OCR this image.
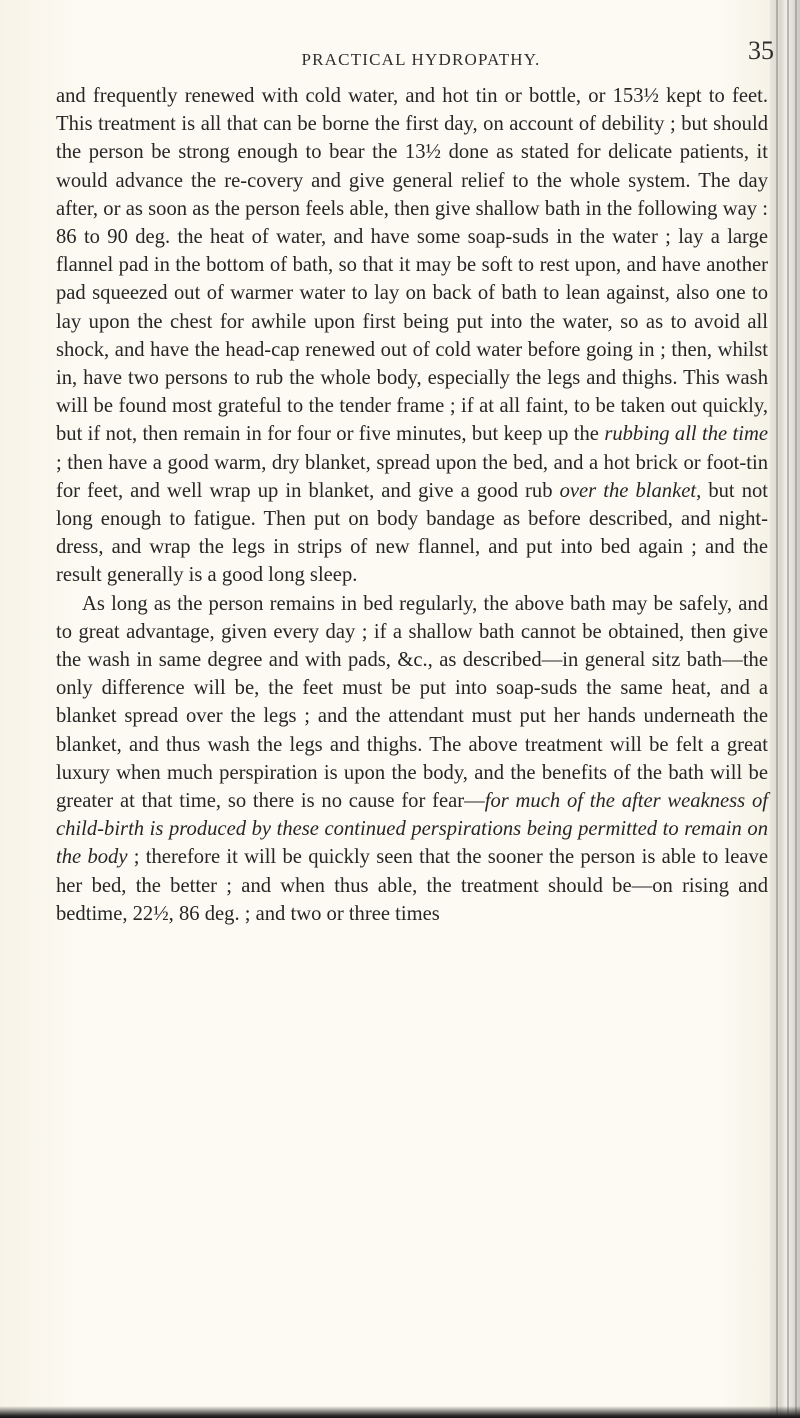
PRACTICAL HYDROPATHY.	35

and frequently renewed with cold water, and hot tin or bottle, or 153½ kept to feet. This treatment is all that can be borne the first day, on account of debility ; but should the person be strong enough to bear the 13½ done as stated for delicate patients, it would advance the re-covery and give general relief to the whole system. The day after, or as soon as the person feels able, then give shallow bath in the following way : 86 to 90 deg. the heat of water, and have some soap-suds in the water ; lay a large flannel pad in the bottom of bath, so that it may be soft to rest upon, and have another pad squeezed out of warmer water to lay on back of bath to lean against, also one to lay upon the chest for awhile upon first being put into the water, so as to avoid all shock, and have the head-cap renewed out of cold water before going in ; then, whilst in, have two persons to rub the whole body, especially the legs and thighs. This wash will be found most grateful to the tender frame ; if at all faint, to be taken out quickly, but if not, then remain in for four or five minutes, but keep up the rubbing all the time ; then have a good warm, dry blanket, spread upon the bed, and a hot brick or foot-tin for feet, and well wrap up in blanket, and give a good rub over the blanket, but not long enough to fatigue. Then put on body bandage as before described, and night-dress, and wrap the legs in strips of new flannel, and put into bed again ; and the result generally is a good long sleep.

As long as the person remains in bed regularly, the above bath may be safely, and to great advantage, given every day ; if a shallow bath cannot be obtained, then give the wash in same degree and with pads, &c., as described—in general sitz bath—the only difference will be, the feet must be put into soap-suds the same heat, and a blanket spread over the legs ; and the attendant must put her hands underneath the blanket, and thus wash the legs and thighs. The above treatment will be felt a great luxury when much perspiration is upon the body, and the benefits of the bath will be greater at that time, so there is no cause for fear—for much of the after weakness of child-birth is produced by these continued perspirations being permitted to remain on the body ; therefore it will be quickly seen that the sooner the person is able to leave her bed, the better ; and when thus able, the treatment should be—on rising and bedtime, 22½, 86 deg. ; and two or three times
